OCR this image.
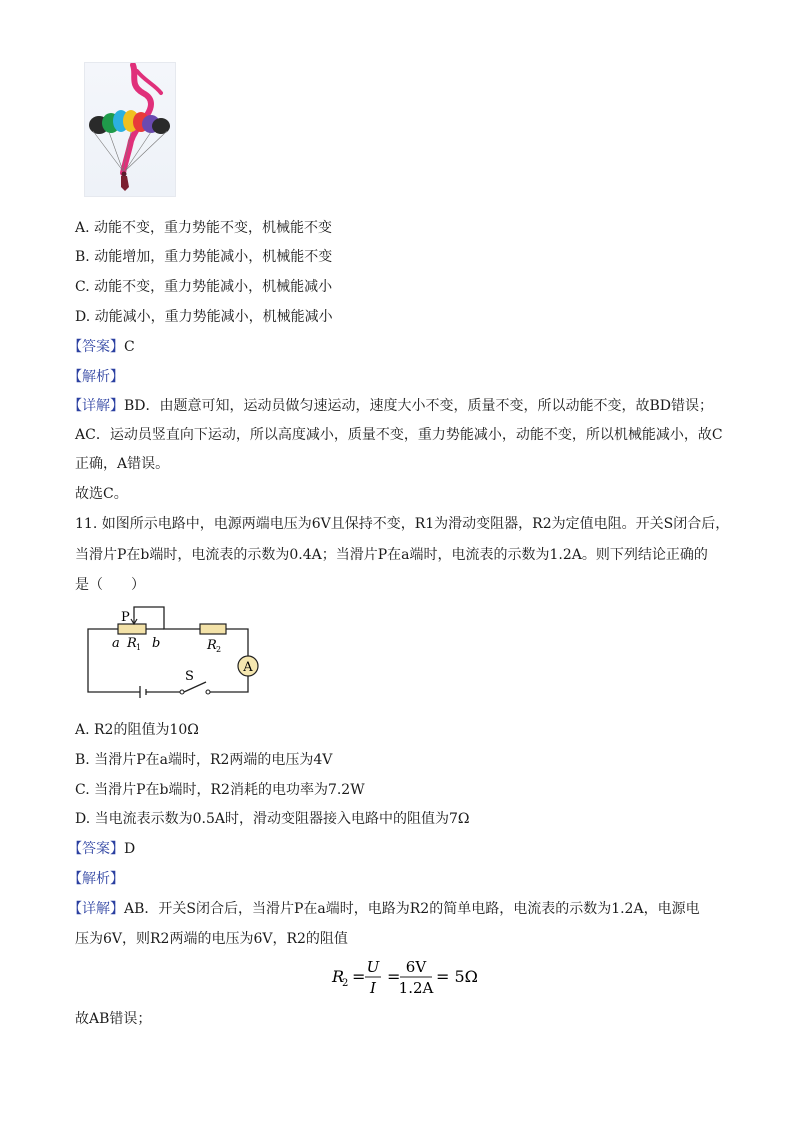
A. 动能不变，重力势能不变，机械能不变
B. 动能增加，重力势能减小，机械能不变
C. 动能不变，重力势能减小，机械能减小
D. 动能减小，重力势能减小，机械能减小
【答案】C
【解析】
【详解】BD．由题意可知，运动员做匀速运动，速度大小不变，质量不变，所以动能不变，故BD错误；
AC．运动员竖直向下运动，所以高度减小，质量不变，重力势能减小，动能不变，所以机械能减小，故C
正确，A错误。
故选C。
11. 如图所示电路中，电源两端电压为6V且保持不变，R1为滑动变阻器，R2为定值电阻。开关S闭合后，
当滑片P在b端时，电流表的示数为0.4A；当滑片P在a端时，电流表的示数为1.2A。则下列结论正确的
是（　　）
A
P
a R 1 b	R 2
S
A. R2的阻值为10Ω
B. 当滑片P在a端时，R2两端的电压为4V
C. 当滑片P在b端时，R2消耗的电功率为7.2W
D. 当电流表示数为0.5A时，滑动变阻器接入电路中的阻值为7Ω
【答案】D
【解析】
【详解】AB．开关S闭合后，当滑片P在a端时，电路为R2的简单电路，电流表的示数为1.2A，电源电
压为6V，则R2两端的电压为6V，R2的阻值
R
2 = U
I
= 6V
1.2A
= 5Ω
故AB错误；
